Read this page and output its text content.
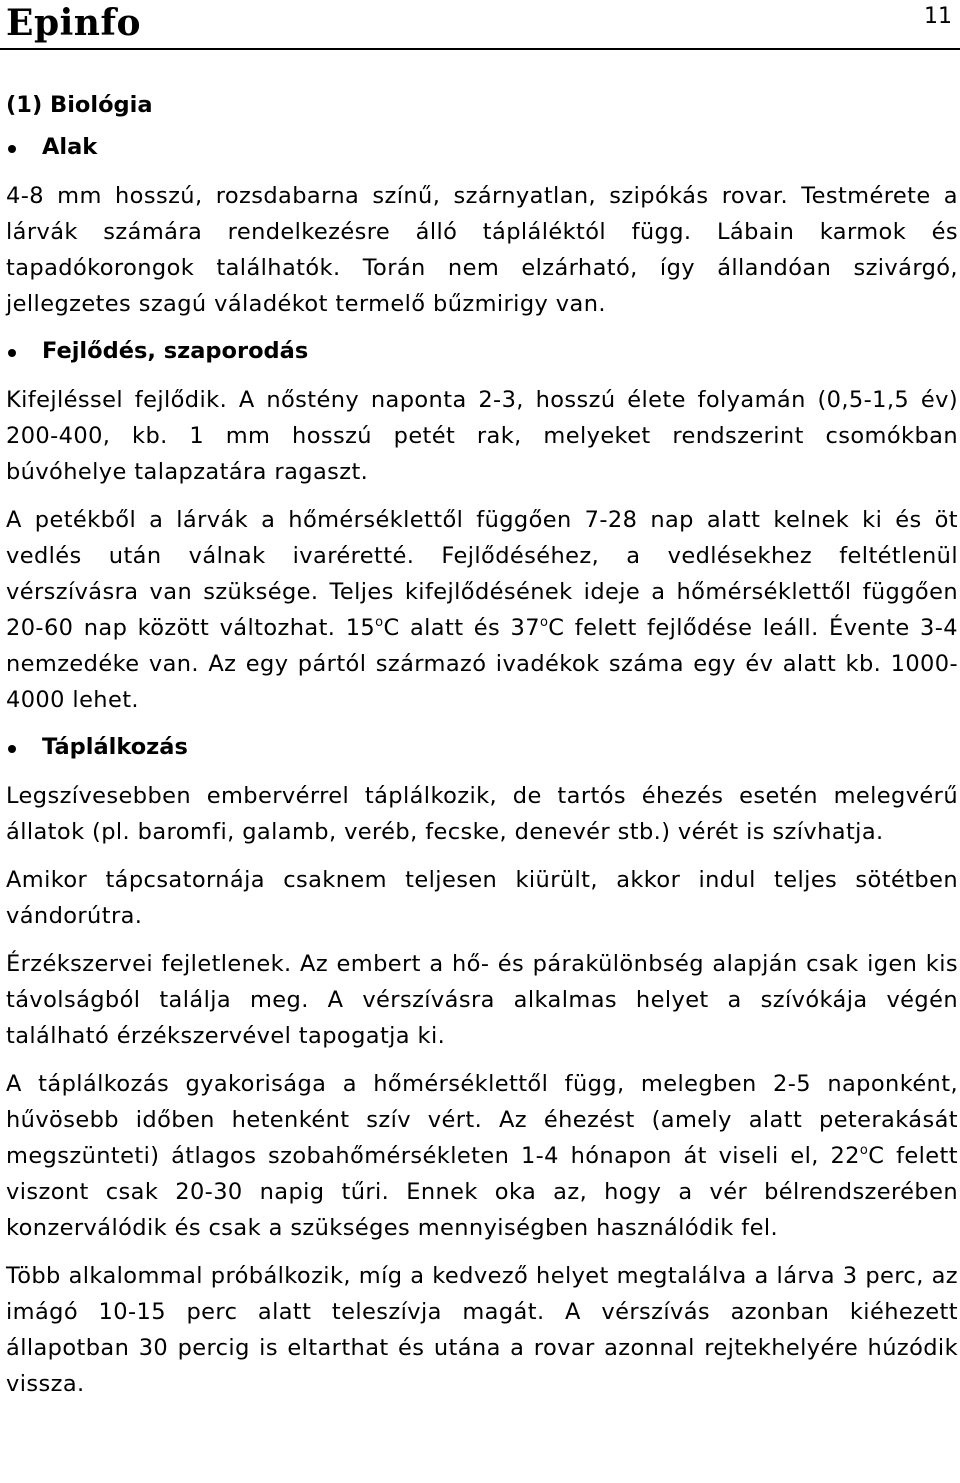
Epinfo	11
(1) Biológia
Alak

4-8 mm hosszú, rozsdabarna színű, szárnyatlan, szipókás rovar. Testmérete a lárvák számára rendelkezésre álló tápláléktól függ. Lábain karmok és tapadókorongok találhatók. Torán nem elzárható, így állandóan szivárgó, jellegzetes szagú váladékot termelő bűzmirigy van.

Fejlődés, szaporodás

Kifejléssel fejlődik. A nőstény naponta 2-3, hosszú élete folyamán (0,5-1,5 év) 200-400, kb. 1 mm hosszú petét rak, melyeket rendszerint csomókban búvóhelye talapzatára ragaszt.

A petékből a lárvák a hőmérséklettől függően 7-28 nap alatt kelnek ki és öt vedlés után válnak ivaréretté. Fejlődéséhez, a vedlésekhez feltétlenül vérszívásra van szüksége. Teljes kifejlődésének ideje a hőmérséklettől függően 20-60 nap között változhat. 15$^o$C alatt és 37$^o$C felett fejlődése leáll. Évente 3-4 nemzedéke van. Az egy pártól származó ivadékok száma egy év alatt kb. 1000-4000 lehet.

Táplálkozás

Legszívesebben embervérrel táplálkozik, de tartós éhezés esetén melegvérű állatok (pl. baromfi, galamb, veréb, fecske, denevér stb.) vérét is szívhatja.

Amikor tápcsatornája csaknem teljesen kiürült, akkor indul teljes sötétben vándorútra.

Érzékszervei fejletlenek. Az embert a hő- és párakülönbség alapján csak igen kis távolságból találja meg. A vérszívásra alkalmas helyet a szívókája végén található érzékszervével tapogatja ki.

A táplálkozás gyakorisága a hőmérséklettől függ, melegben 2-5 naponként, hűvösebb időben hetenként szív vért. Az éhezést (amely alatt peterakását megszünteti) átlagos szobahőmérsékleten 1-4 hónapon át viseli el, 22$^o$C felett viszont csak 20-30 napig tűri. Ennek oka az, hogy a vér bélrendszerében konzerválódik és csak a szükséges mennyiségben használódik fel.

Több alkalommal próbálkozik, míg a kedvező helyet megtalálva a lárva 3 perc, az imágó 10-15 perc alatt teleszívja magát. A vérszívás azonban kiéhezett állapotban 30 percig is eltarthat és utána a rovar azonnal rejtekhelyére húzódik vissza.
